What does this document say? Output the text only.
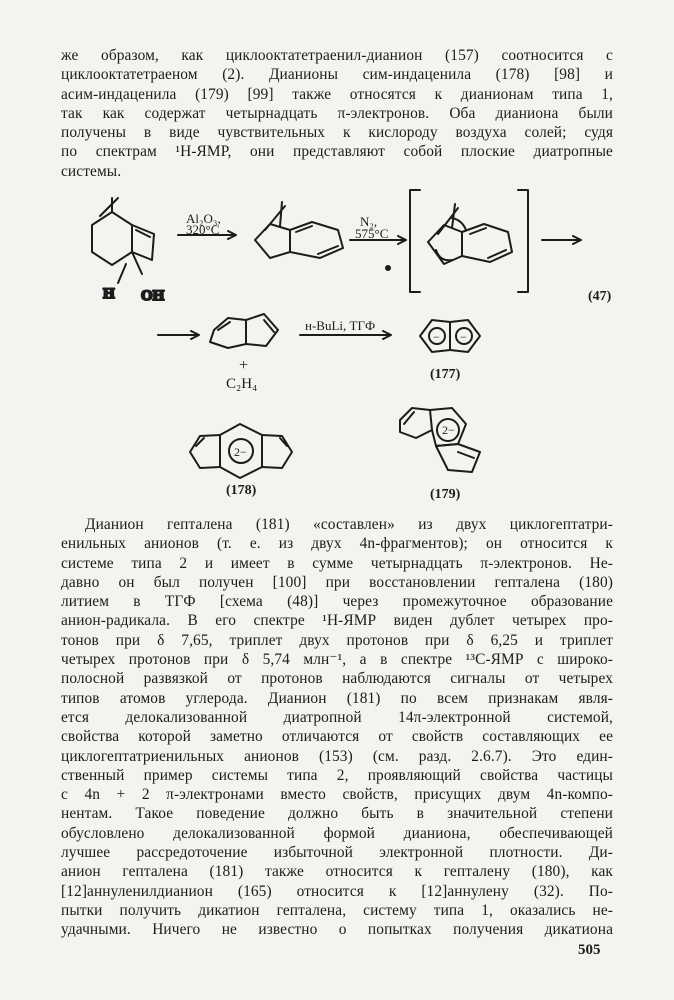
же образом, как циклооктатетраенил-дианион (157) соотносится с
циклооктатетраеном (2). Дианионы сим-индаценила (178) [98] и
асим-индаценила (179) [99] также относятся к дианионам типа 1,
так как содержат четырнадцать π-электронов. Оба дианиона были
получены в виде чувствительных к кислороду воздуха солей; судя
по спектрам ¹H-ЯМР, они представляют собой плоские диатропные
системы.

H OH
Al₂O₃,
320°C
N₂,
575°C
(47)
+
C₂H₄
н-BuLi, ТГФ
− −
(177)
2−
(178)
2−
(179)

Дианион гепталена (181) «составлен» из двух циклогептатри-
енильных анионов (т. е. из двух 4n-фрагментов); он относится к
системе типа 2 и имеет в сумме четырнадцать π-электронов. Не-
давно он был получен [100] при восстановлении гепталена (180)
литием в ТГФ [схема (48)] через промежуточное образование
анион-радикала. В его спектре ¹H-ЯМР виден дублет четырех про-
тонов при δ 7,65, триплет двух протонов при δ 6,25 и триплет
четырех протонов при δ 5,74 млн⁻¹, а в спектре ¹³C-ЯМР с широко-
полосной развязкой от протонов наблюдаются сигналы от четырех
типов атомов углерода. Дианион (181) по всем признакам явля-
ется делокализованной диатропной 14π-электронной системой,
свойства которой заметно отличаются от свойств составляющих ее
циклогептатриенильных анионов (153) (см. разд. 2.6.7). Это един-
ственный пример системы типа 2, проявляющий свойства частицы
с 4n + 2 π-электронами вместо свойств, присущих двум 4n-компо-
нентам. Такое поведение должно быть в значительной степени
обусловлено делокализованной формой дианиона, обеспечивающей
лучшее рассредоточение избыточной электронной плотности. Ди-
анион гепталена (181) также относится к гепталену (180), как
[12]аннуленилдианион (165) относится к [12]аннулену (32). По-
пытки получить дикатион гепталена, систему типа 1, оказались не-
удачными. Ничего не известно о попытках получения дикатиона

505
